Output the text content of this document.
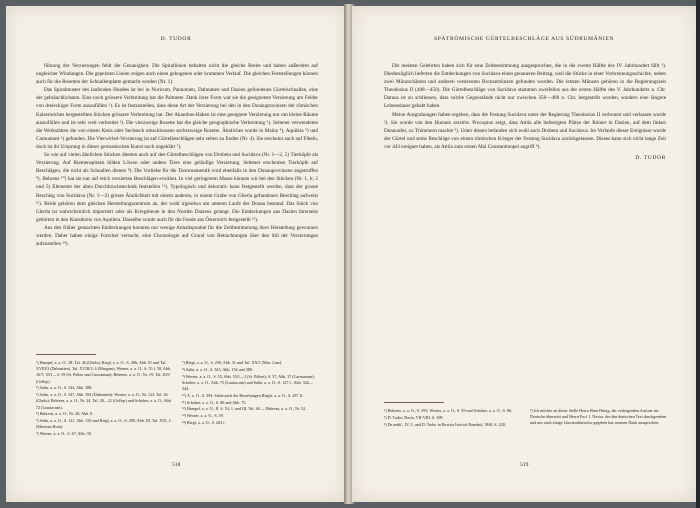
D. TUDOR

führung der Verzierungen fehlt die Genauigkeit. Die Spirallinien behalten nicht die gleiche Breite und haben außerdem auf ungleicher Windungen. Die gepelzten Linien zeigen auch einen gebogenen oder krummen Verlauf. Die gleichen Feststellungen können auch für die Rosetten der Schnallenplatte gemacht werden (Nr. 1).

Das Spiralmuster des laufenden Hundes ist bei in Noricum, Pannonien, Dalmatien und Dazien gefundenen Gürtelschnallen, eine der gebräuchlichsten. Eine noch grössere Verbreitung hat die Palmette. Dank ihrer Form war sie die geeignetste Verzierung um Felder von dreieckiger Form auszufüllen ¹). Es ist festzustellen, dass diese Art der Verzierung bei den in den Donauprovinzen der römischen Kaiserreiches hergestellten Stücken grössere Verbreitung hat. Der Akanthus-Haken ist eine geeignete Verzierung nur um kleine Räume auszufüllen und ist sehr weit verbreitet ²). Die vierzweige Rosette hat die gleiche geographische Verbreitung ³). Seltener verwendeten die Werkstätten die von einem Kreis oder Sechseck umschlossene sechszweige Rosette. Ähnliches wurde in Mainz ⁴), Aquileia ⁵) und Carnuntum ⁶) gefunden. Die Vierwirbel-Verzierung ist auf Gürtelbeschlägen sehr selten zu finden (Nr. 4). Sie erscheint auch auf Fibeln, doch ist ihr Ursprung in dieser germanischen Kunst noch ungeklärt ⁷).

So wie auf vielen ähnlichen Stücken dienten auch auf den Gürtelbeschlägen von Drobeta und Sucidava (Nr. 1—2, 5) Tierköpfe als Verzierung. Auf Riemenspitzen bilden Löwen oder andere Tiere eine geläufige Verzierung. Seltener erscheinen Tierköpfe auf Beschlägen, die nicht als Schnallen dienen ⁸). Die Vorliebe für die Tierornamentik wird ebenfalls in den Donauprovinzen angetroffen ⁹). Behrens ¹⁰) hat sie nur auf reich verzierten Beschlägen erwähnt. In viel geringerem Masse können wir bei den Stücken (Nr. 1, b; 2 und 5) Elemente der alten Durchbruchstechnik feststellen ¹¹). Typologisch und dekorativ kann festgestellt werden, dass der grosse Beschlag von Sucidava (Nr. 1—2) grosse Ähnlichkeit mit einem anderen, in einem Grabe von Gherla gefundenen Beschlag aufweist ¹²). Beide gehören dem gleichen Herstellungszentrum an, der wohl irgendwo am unteren Laufe der Donau bestand. Das Stück von Gherla ist wahrscheinlich importiert oder als Kriegsbeute in den Norden Daziens gelangt. Die Entdeckungen aus Dazien ihrerseits gehörten in den Kunstkreis von Aquileia. Dasselbe wurde auch für die Funde aus Österreich festgestellt ¹³).

Aus den früher gemachten Entdeckungen konnten nur wenige Anhaltspunkte für die Zeitbestimmung ihrer Herstellung gewonnen werden. Daher haben einige Forscher versucht, eine Chronologie auf Grund von Betrachtungen über den Stil der Verzierungen aufzustellen ¹⁴).

¹) Hampel, a. a. O., III, Taf. 46 (Ghelu); Riegl, a. a. O., S. 286, Abb. 81 und Taf. XVIII/3 (Dalmatien). Taf. XVIII/3, 6 (Margum); Werner, a. a. O., S. 55 f. 58, Abb. 16/7; 35/1—3; 39 (St. Pölten und Carnuntum); Behrens, a. a. O., Nr. 19, Taf. 20/3 (Gellep).

²) Salin, a. a. O., S. 344, Abb. 388.

³) Salin, a. a. O., S. 347, Abb. 393 (Dalmatien); Werner, a. a. O., Nr. 123, Taf. 46 (Ghelu); Behrens, a. a. O., Nr. 24, Taf. 20—21 (Gellep) und Schober, a. a. O., Abb. 72 (Lauriacum).

⁴) Behrens, a. a. O., Nr. 28, Abb. 8.

⁵) Salin, a. a. O., S. 121, Abb. 330 und Riegl, a. a. O., S. 289, Abb. 83, Taf. XIX, 2 (Museum Rom).

⁶) Werner, a. a. O., S. 67, Abb. 39.

⁷) Riegl, a. a. O., S. 290, Abb. 31 und Taf. XX/1 (Mus. Linz).

⁸) Salin, a. a. O., S. 343, Abb. 154 und 389.

⁹) Werner, a. a. O., S. 55, Abb. 35/1—3 (St. Pölten); S. 57, Abb. 37 (Carnuntum); Schober, a. a. O., Abb. 75 (Lauriacum) und Salin, a. a. O., S. 127 f., Abb. 342—344.

¹⁰) A. a. O., S. 294. Siehe auch die Beziehungen Riegls, a. a. O., S. 287 ff.

¹¹) Schober, a. a. O., S. 86 und Abb. 75.

¹²) Hampel, a. a. O., II, S. 54, 1, und III, Taf. 46 — Behrens, a. a. O., Nr. 52.

¹³) Werner, a. a. O., S. 59.

¹⁴) Riegl, a. a. O., S. 263 f.

518
SPÄTRÖMISCHE GÜRTELBESCHLÄGE AUS SÜDRUMÄNIEN

Die meisten Gelehrten haben sich für eine Zeitbestimmung ausgesprochen, die in die zweite Hälfte des IV. Jahrhundert fällt ¹). Dieshezüglich lieferten die Entdeckungen von Sucidava einen genaueren Beitrag, weil die Stücke in einer Verbrennungsschichte, neben zwei Münzschätzen und anderen verstreuten Bronzemünzen gefunden wurden. Die letzten Münzen gehören in die Regierungszeit Theodosius II (408—450). Die Gürtelbeschläge von Sucidava stammen zweifellos aus der ersten Hälfte des V. Jahrhunderts n. Chr. Daraus ist zu schliessen, dass solche Gegenstände nicht nur zwischen 350—400 n. Chr. hergestellt wurden, sondern eine längere Lebensdauer gehabt haben.

Meine Ausgrabungen haben ergeben, dass die Festung Sucidava unter der Regierung Theodosius II verbrannt und verlassen wurde ²). Sie wurde von den Hunnen zerstört. Procopius zeigt, dass Attila alle befestigten Plätze der Römer in Dazien, auf dem linken Donauufer, zu Trümmern machte ³). Unter diesen befanden sich wohl auch Drobeta und Sucidava. Im Verlaufe dieser Ereignisse wurde der Gürtel und seine Beschläge von einem römischen Krieger der Festung Sucidava zurückgelassen. Dieses kann sich nicht lange Zeit vor 443 ereignet haben, als Attila zum ersten Mal Constantinopel angriff ⁴).

D. TUDOR

¹) Behrens, a. a. O., S. 293; Werner, a. a. O., S. 59 und Schober, a. a. O., S. 86.

²) D. Tudor, Dacia, VII-VIII, S. 399.

³) De aedif., IV, 5, und D. Tudor in Revista Istorică Română, 1940, S. 228.

⁴) Ich möchte an dieser Stelle Herrn Hans Hönig, der vorliegenden Aufsatz ins Deutsche übersetzt und Herrn Prof. I. Nestor, der den deutschen Text durchgesehen und mir auch einige Literaturhinweise gegeben hat, meinen Dank aussprechen.

519
